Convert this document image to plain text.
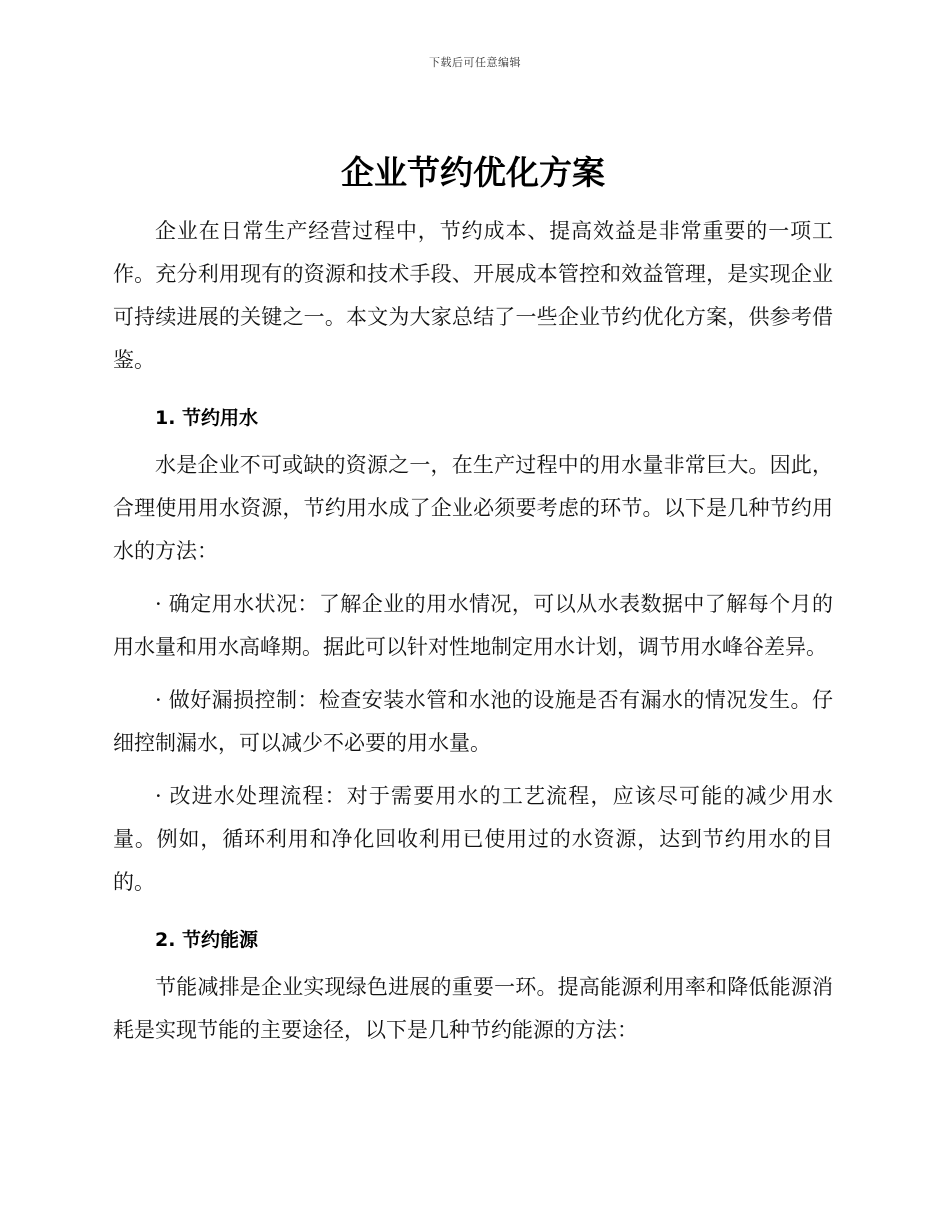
下载后可任意编辑
企业节约优化方案

企业在日常生产经营过程中，节约成本、提高效益是非常重要的一项工作。充分利用现有的资源和技术手段、开展成本管控和效益管理，是实现企业可持续进展的关键之一。本文为大家总结了一些企业节约优化方案，供参考借鉴。

1. 节约用水

水是企业不可或缺的资源之一，在生产过程中的用水量非常巨大。因此，合理使用用水资源，节约用水成了企业必须要考虑的环节。以下是几种节约用水的方法：

· 确定用水状况：了解企业的用水情况，可以从水表数据中了解每个月的用水量和用水高峰期。据此可以针对性地制定用水计划，调节用水峰谷差异。

· 做好漏损控制：检查安装水管和水池的设施是否有漏水的情况发生。仔细控制漏水，可以减少不必要的用水量。

· 改进水处理流程：对于需要用水的工艺流程，应该尽可能的减少用水量。例如，循环利用和净化回收利用已使用过的水资源，达到节约用水的目的。

2. 节约能源

节能减排是企业实现绿色进展的重要一环。提高能源利用率和降低能源消耗是实现节能的主要途径，以下是几种节约能源的方法：
